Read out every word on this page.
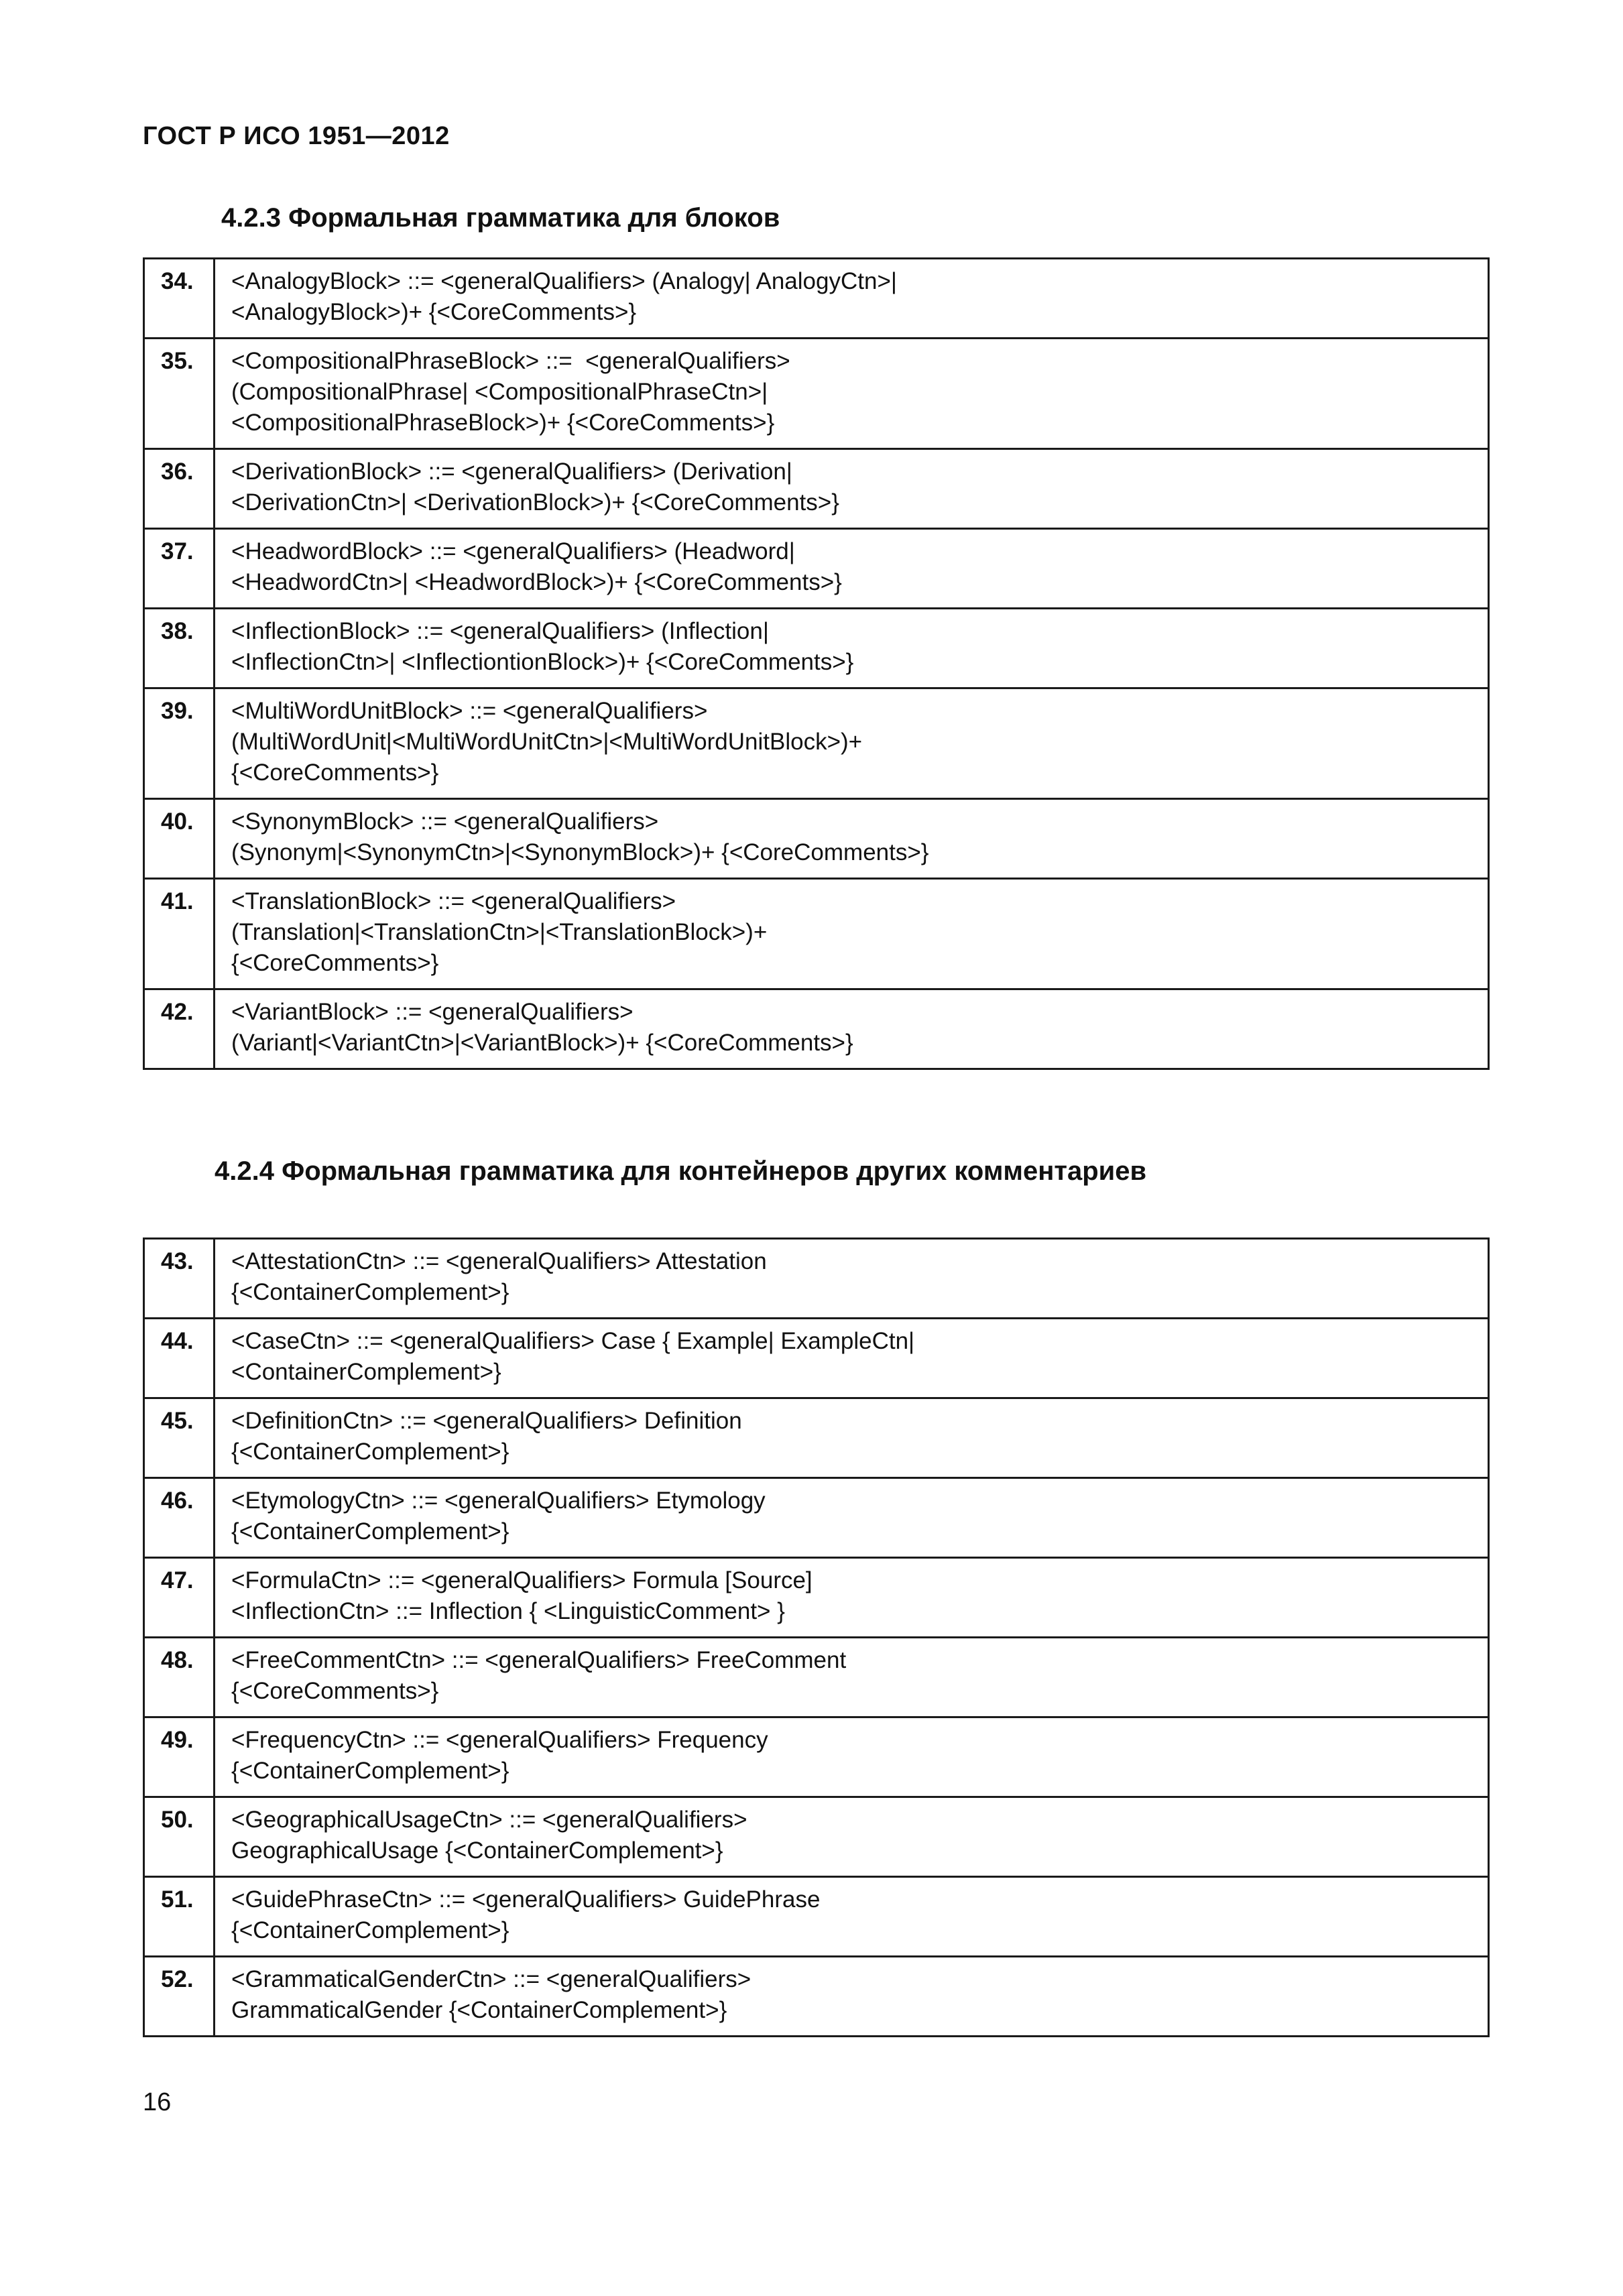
ГОСТ Р ИСО 1951—2012
4.2.3 Формальная грамматика для блоков
34.	<AnalogyBlock> ::= <generalQualifiers> (Analogy| AnalogyCtn>|
<AnalogyBlock>)+ {<CoreComments>}

35.	<CompositionalPhraseBlock> ::=  <generalQualifiers>
(CompositionalPhrase| <CompositionalPhraseCtn>|
<CompositionalPhraseBlock>)+ {<CoreComments>}

36.	<DerivationBlock> ::= <generalQualifiers> (Derivation|
<DerivationCtn>| <DerivationBlock>)+ {<CoreComments>}

37.	<HeadwordBlock> ::= <generalQualifiers> (Headword|
<HeadwordCtn>| <HeadwordBlock>)+ {<CoreComments>}

38.	<InflectionBlock> ::= <generalQualifiers> (Inflection|
<InflectionCtn>| <InflectiontionBlock>)+ {<CoreComments>}

39.	<MultiWordUnitBlock> ::= <generalQualifiers>
(MultiWordUnit|<MultiWordUnitCtn>|<MultiWordUnitBlock>)+
{<CoreComments>}

40.	<SynonymBlock> ::= <generalQualifiers>
(Synonym|<SynonymCtn>|<SynonymBlock>)+ {<CoreComments>}

41.	<TranslationBlock> ::= <generalQualifiers>
(Translation|<TranslationCtn>|<TranslationBlock>)+
{<CoreComments>}

42.	<VariantBlock> ::= <generalQualifiers>
(Variant|<VariantCtn>|<VariantBlock>)+ {<CoreComments>}
4.2.4 Формальная грамматика для контейнеров других комментариев
43.	<AttestationCtn> ::= <generalQualifiers> Attestation
{<ContainerComplement>}

44.	<CaseCtn> ::= <generalQualifiers> Case { Example| ExampleCtn|
<ContainerComplement>}

45.	<DefinitionCtn> ::= <generalQualifiers> Definition
{<ContainerComplement>}

46.	<EtymologyCtn> ::= <generalQualifiers> Etymology
{<ContainerComplement>}

47.	<FormulaCtn> ::= <generalQualifiers> Formula [Source]
<InflectionCtn> ::= Inflection { <LinguisticComment> }

48.	<FreeCommentCtn> ::= <generalQualifiers> FreeComment
{<CoreComments>}

49.	<FrequencyCtn> ::= <generalQualifiers> Frequency
{<ContainerComplement>}

50.	<GeographicalUsageCtn> ::= <generalQualifiers>
GeographicalUsage {<ContainerComplement>}

51.	<GuidePhraseCtn> ::= <generalQualifiers> GuidePhrase
{<ContainerComplement>}

52.	<GrammaticalGenderCtn> ::= <generalQualifiers>
GrammaticalGender {<ContainerComplement>}
16
